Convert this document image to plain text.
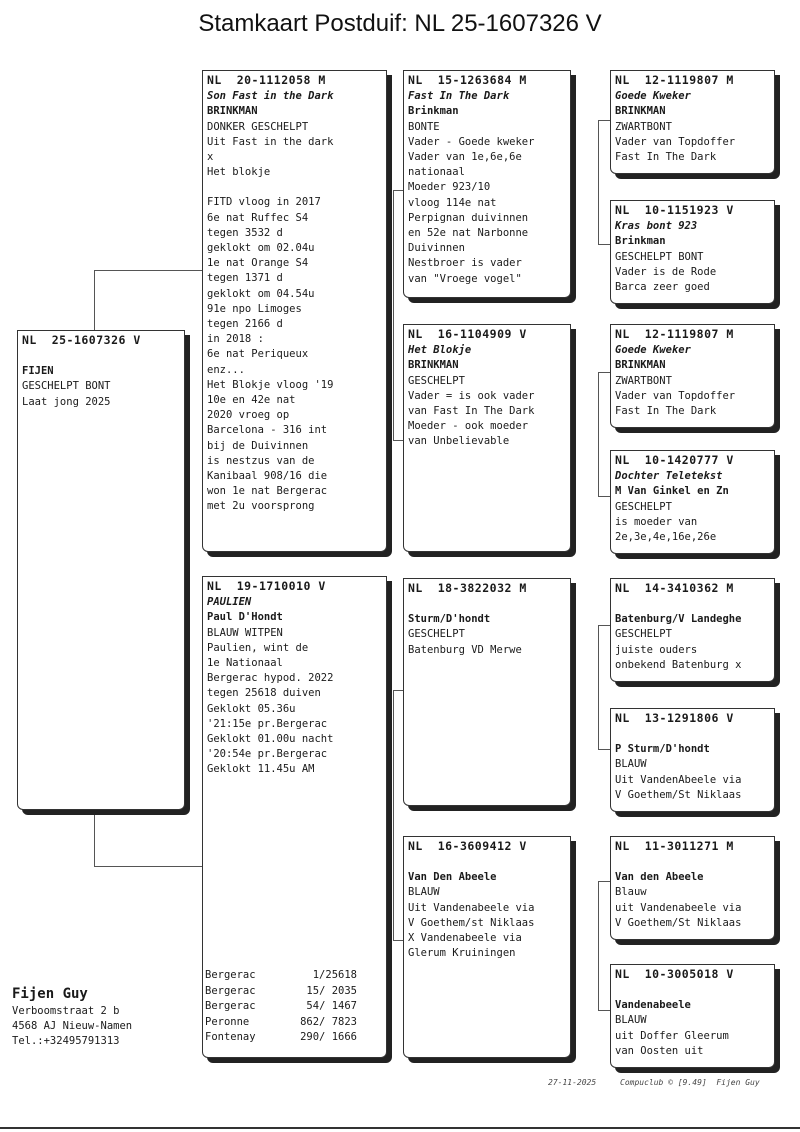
Stamkaart Postduif: NL 25-1607326 V
NL  25-1607326 V
FIJEN
GESCHELPT BONT
Laat jong 2025
NL  20-1112058 M
Son Fast in the Dark
BRINKMAN
DONKER GESCHELPT
Uit Fast in the dark
x
Het blokje
FITD vloog in 2017
6e nat Ruffec S4
tegen 3532 d
geklokt om 02.04u
1e nat Orange S4
tegen 1371 d
geklokt om 04.54u
91e npo Limoges
tegen 2166 d
in 2018 :
6e nat Periqueux
enz...
Het Blokje vloog '19
10e en 42e nat
2020 vroeg op
Barcelona - 316 int
bij de Duivinnen
is nestzus van de
Kanibaal 908/16 die
won 1e nat Bergerac
met 2u voorsprong
NL  19-1710010 V
PAULIEN
Paul D'Hondt
BLAUW WITPEN
Paulien, wint de
1e Nationaal
Bergerac hypod. 2022
tegen 25618 duiven
Geklokt 05.36u
'21:15e pr.Bergerac
Geklokt 01.00u nacht
'20:54e pr.Bergerac
Geklokt 11.45u AM
NL  15-1263684 M
Fast In The Dark
Brinkman
BONTE
Vader - Goede kweker
Vader van 1e,6e,6e
nationaal
Moeder 923/10
vloog 114e nat
Perpignan duivinnen
en 52e nat Narbonne
Duivinnen
Nestbroer is vader
van "Vroege vogel"
NL  16-1104909 V
Het Blokje
BRINKMAN
GESCHELPT
Vader = is ook vader
van Fast In The Dark
Moeder - ook moeder
van Unbelievable
NL  18-3822032 M
Sturm/D'hondt
GESCHELPT
Batenburg VD Merwe
NL  16-3609412 V
Van Den Abeele
BLAUW
Uit Vandenabeele via
V Goethem/st Niklaas
X Vandenabeele via
Glerum Kruiningen
NL  12-1119807 M
Goede Kweker
BRINKMAN
ZWARTBONT
Vader van Topdoffer
Fast In The Dark
NL  10-1151923 V
Kras bont 923
Brinkman
GESCHELPT BONT
Vader is de Rode
Barca zeer goed
NL  12-1119807 M
Goede Kweker
BRINKMAN
ZWARTBONT
Vader van Topdoffer
Fast In The Dark
NL  10-1420777 V
Dochter Teletekst
M Van Ginkel en Zn
GESCHELPT
is moeder van
2e,3e,4e,16e,26e
NL  14-3410362 M
Batenburg/V Landeghe
GESCHELPT
juiste ouders
onbekend Batenburg x
NL  13-1291806 V
P Sturm/D'hondt
BLAUW
Uit VandenAbeele via
V Goethem/St Niklaas
NL  11-3011271 M
Van den Abeele
Blauw
uit Vandenabeele via
V Goethem/St Niklaas
NL  10-3005018 V
Vandenabeele
BLAUW
uit Doffer Gleerum
van Oosten uit
Bergerac	1/25618
Bergerac	15/ 2035
Bergerac	54/ 1467
Peronne	862/ 7823
Fontenay	290/ 1666
Fijen Guy
Verboomstraat 2 b
4568 AJ Nieuw-Namen
Tel.:+32495791313
27-11-2025	Compuclub © [9.49]  Fijen Guy
